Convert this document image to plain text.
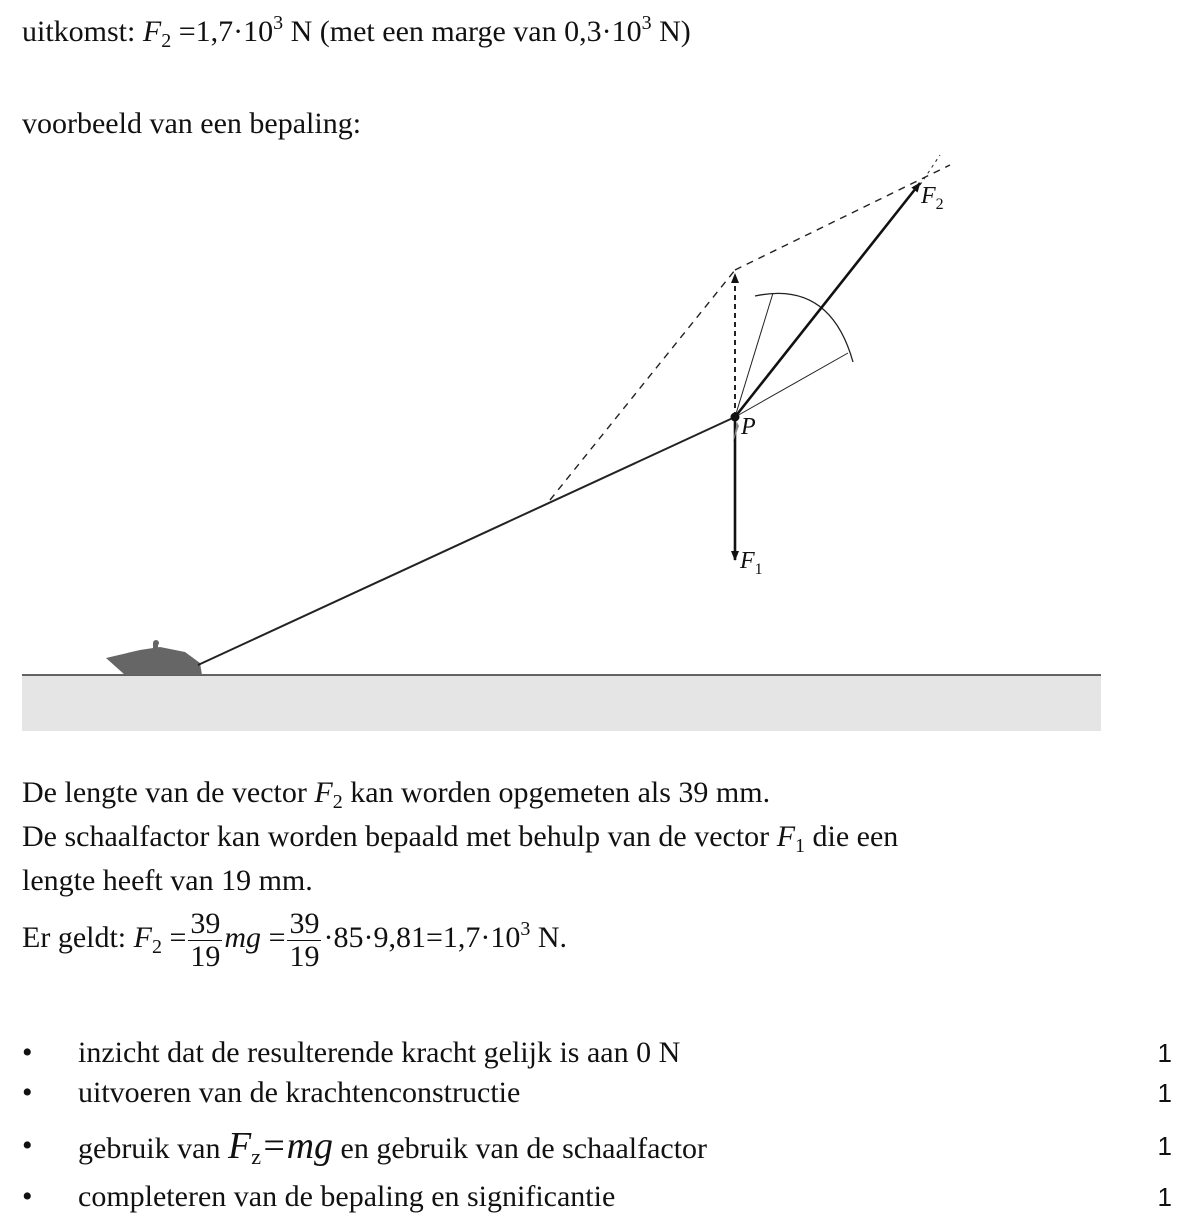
uitkomst: $F_2 =1,7\cdot 10^3$ N (met een marge van $0,3\cdot 10^3$ N)
voorbeeld van een bepaling:
P
$F_1$
$F_2$
De lengte van de vector $F_2$ kan worden opgemeten als 39 mm.
De schaalfactor kan worden bepaald met behulp van de vector $F_1$ die een
lengte heeft van 19 mm.
Er geldt: $F_2 = \frac{39}{19}$ mg = $\frac{39}{19} \cdot 85\cdot 9,81=1,7\cdot 10^3$ N.
• inzicht dat de resulterende kracht gelijk is aan 0 N	1
• uitvoeren van de krachtenconstructie	1
• gebruik van $F_z=mg$ en gebruik van de schaalfactor	1
• completeren van de bepaling en significantie	1
